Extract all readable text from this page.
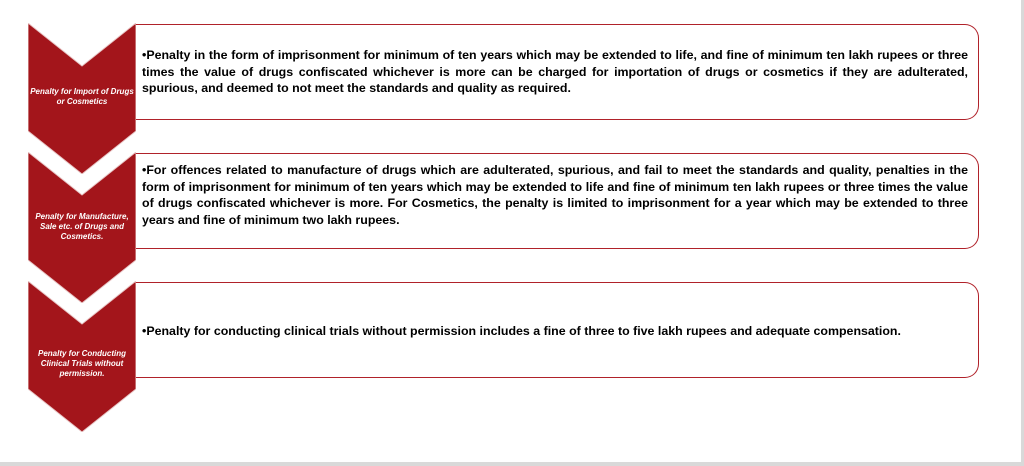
•Penalty in the form of imprisonment for minimum of ten years which may be extended to life, and fine of minimum ten lakh rupees or three times the value of drugs confiscated whichever is more can be charged for importation of drugs or cosmetics if they are adulterated, spurious, and deemed to not meet the standards and quality as required.
Penalty for Import of Drugs or Cosmetics
•For offences related to manufacture of drugs which are adulterated, spurious, and fail to meet the standards and quality, penalties in the form of imprisonment for minimum of ten years which may be extended to life and fine of minimum ten lakh rupees or three times the value of drugs confiscated whichever is more. For Cosmetics, the penalty is limited to imprisonment for a year which may be extended to three years and fine of minimum two lakh rupees.
Penalty for Manufacture, Sale etc. of Drugs and Cosmetics.
•Penalty for conducting clinical trials without permission includes a fine of three to five lakh rupees and adequate compensation.
Penalty for Conducting Clinical Trials without permission.
